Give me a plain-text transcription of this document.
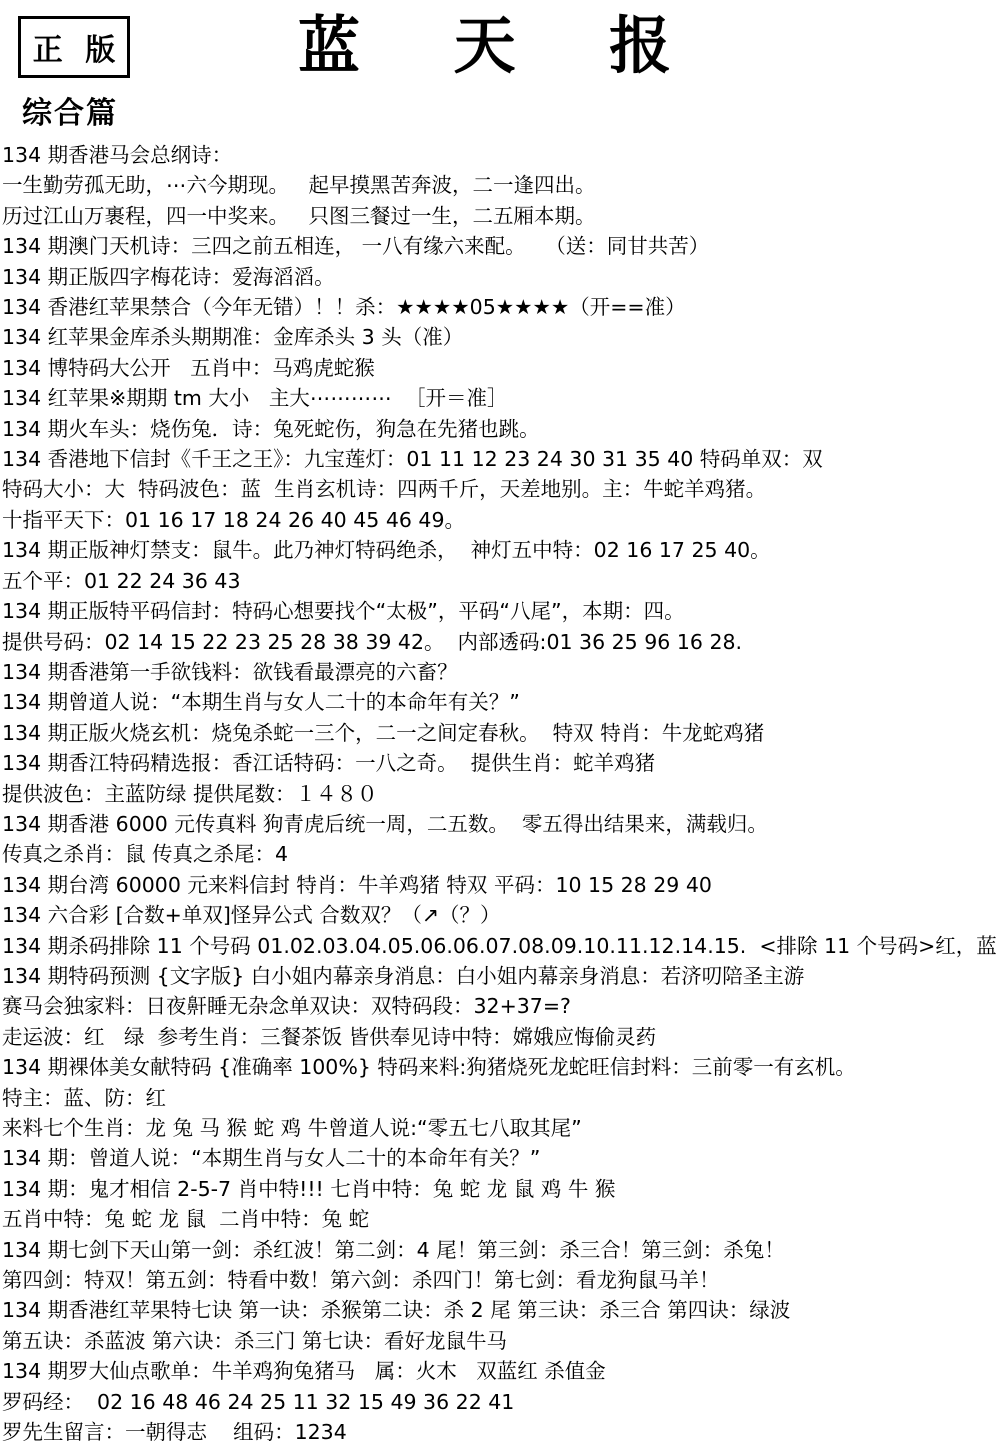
正 版	蓝 天 报
综合篇
134 期香港马会总纲诗：
一生勤劳孤无助，⋯六今期现。   起早摸黑苦奔波，二一逢四出。
历过江山万裹程，四一中奖来。   只图三餐过一生，二五厢本期。
134 期澳门天机诗：三四之前五相连， 一八有缘六来配。   （送：同甘共苦）
134 期正版四字梅花诗：爱海滔滔。
134 香港红苹果禁合（今年无错）！！杀：★★★★05★★★★（开==准）
134 红苹果金库杀头期期准：金库杀头 3 头（准）
134 博特码大公开   五肖中：马鸡虎蛇猴
134 红苹果※期期 tm 大小   主大⋯⋯⋯⋯  ［开＝准］
134 期火车头：烧伤兔．诗：兔死蛇伤，狗急在先猪也跳。
134 香港地下信封《千王之王》：九宝莲灯：01 11 12 23 24 30 31 35 40 特码单双：双
特码大小：大  特码波色：蓝  生肖玄机诗：四两千斤，天差地别。主：牛蛇羊鸡猪。
十指平天下：01 16 17 18 24 26 40 45 46 49。
134 期正版神灯禁支：鼠牛。此乃神灯特码绝杀，  神灯五中特：02 16 17 25 40。
五个平：01 22 24 36 43
134 期正版特平码信封：特码心想要找个“太极”，平码“八尾”，本期：四。
提供号码：02 14 15 22 23 25 28 38 39 42。  内部透码:01 36 25 96 16 28.
134 期香港第一手欲钱料：欲钱看最漂亮的六畜？
134 期曾道人说：“本期生肖与女人二十的本命年有关？”
134 期正版火烧玄机：烧兔杀蛇一三个，二一之间定春秋。  特双 特肖：牛龙蛇鸡猪
134 期香江特码精选报：香江话特码：一八之奇。  提供生肖：蛇羊鸡猪
提供波色：主蓝防绿 提供尾数：１４８０
134 期香港 6000 元传真料 狗青虎后统一周，二五数。  零五得出结果来，满载归。
传真之杀肖：鼠 传真之杀尾：4
134 期台湾 60000 元来料信封 特肖：牛羊鸡猪 特双 平码：10 15 28 29 40
134 六合彩 [合数+单双]怪异公式 合数双？（↗（？）
134 期杀码排除 11 个号码 01.02.03.04.05.06.06.07.08.09.10.11.12.14.15.  <排除 11 个号码>红，蓝
134 期特码预测 {文字版} 白小姐内幕亲身消息：白小姐内幕亲身消息：若济叨陪圣主游
赛马会独家料：日夜鼾睡无杂念单双诀：双特码段：32+37=?
走运波：红   绿  参考生肖：三餐茶饭 皆供奉见诗中特：嫦娥应悔偷灵药
134 期裸体美女献特码 {准确率 100%} 特码来料:狗猪烧死龙蛇旺信封料：三前零一有玄机。
特主：蓝、防：红
来料七个生肖：龙 兔 马 猴 蛇 鸡 牛曾道人说:“零五七八取其尾”
134 期：曾道人说：“本期生肖与女人二十的本命年有关？”
134 期：鬼才相信 2-5-7 肖中特!!! 七肖中特：兔 蛇 龙 鼠 鸡 牛 猴
五肖中特：兔 蛇 龙 鼠  二肖中特：兔 蛇
134 期七剑下天山第一剑：杀红波！第二剑：4 尾！第三剑：杀三合！第三剑：杀兔！
第四剑：特双！第五剑：特看中数！第六剑：杀四门！第七剑：看龙狗鼠马羊！
134 期香港红苹果特七诀 第一诀：杀猴第二诀：杀 2 尾 第三诀：杀三合 第四诀：绿波
第五诀：杀蓝波 第六诀：杀三门 第七诀：看好龙鼠牛马
134 期罗大仙点歌单：牛羊鸡狗兔猪马   属：火木   双蓝红 杀值金
罗码经：  02 16 48 46 24 25 11 32 15 49 36 22 41
罗先生留言：一朝得志    组码：1234
